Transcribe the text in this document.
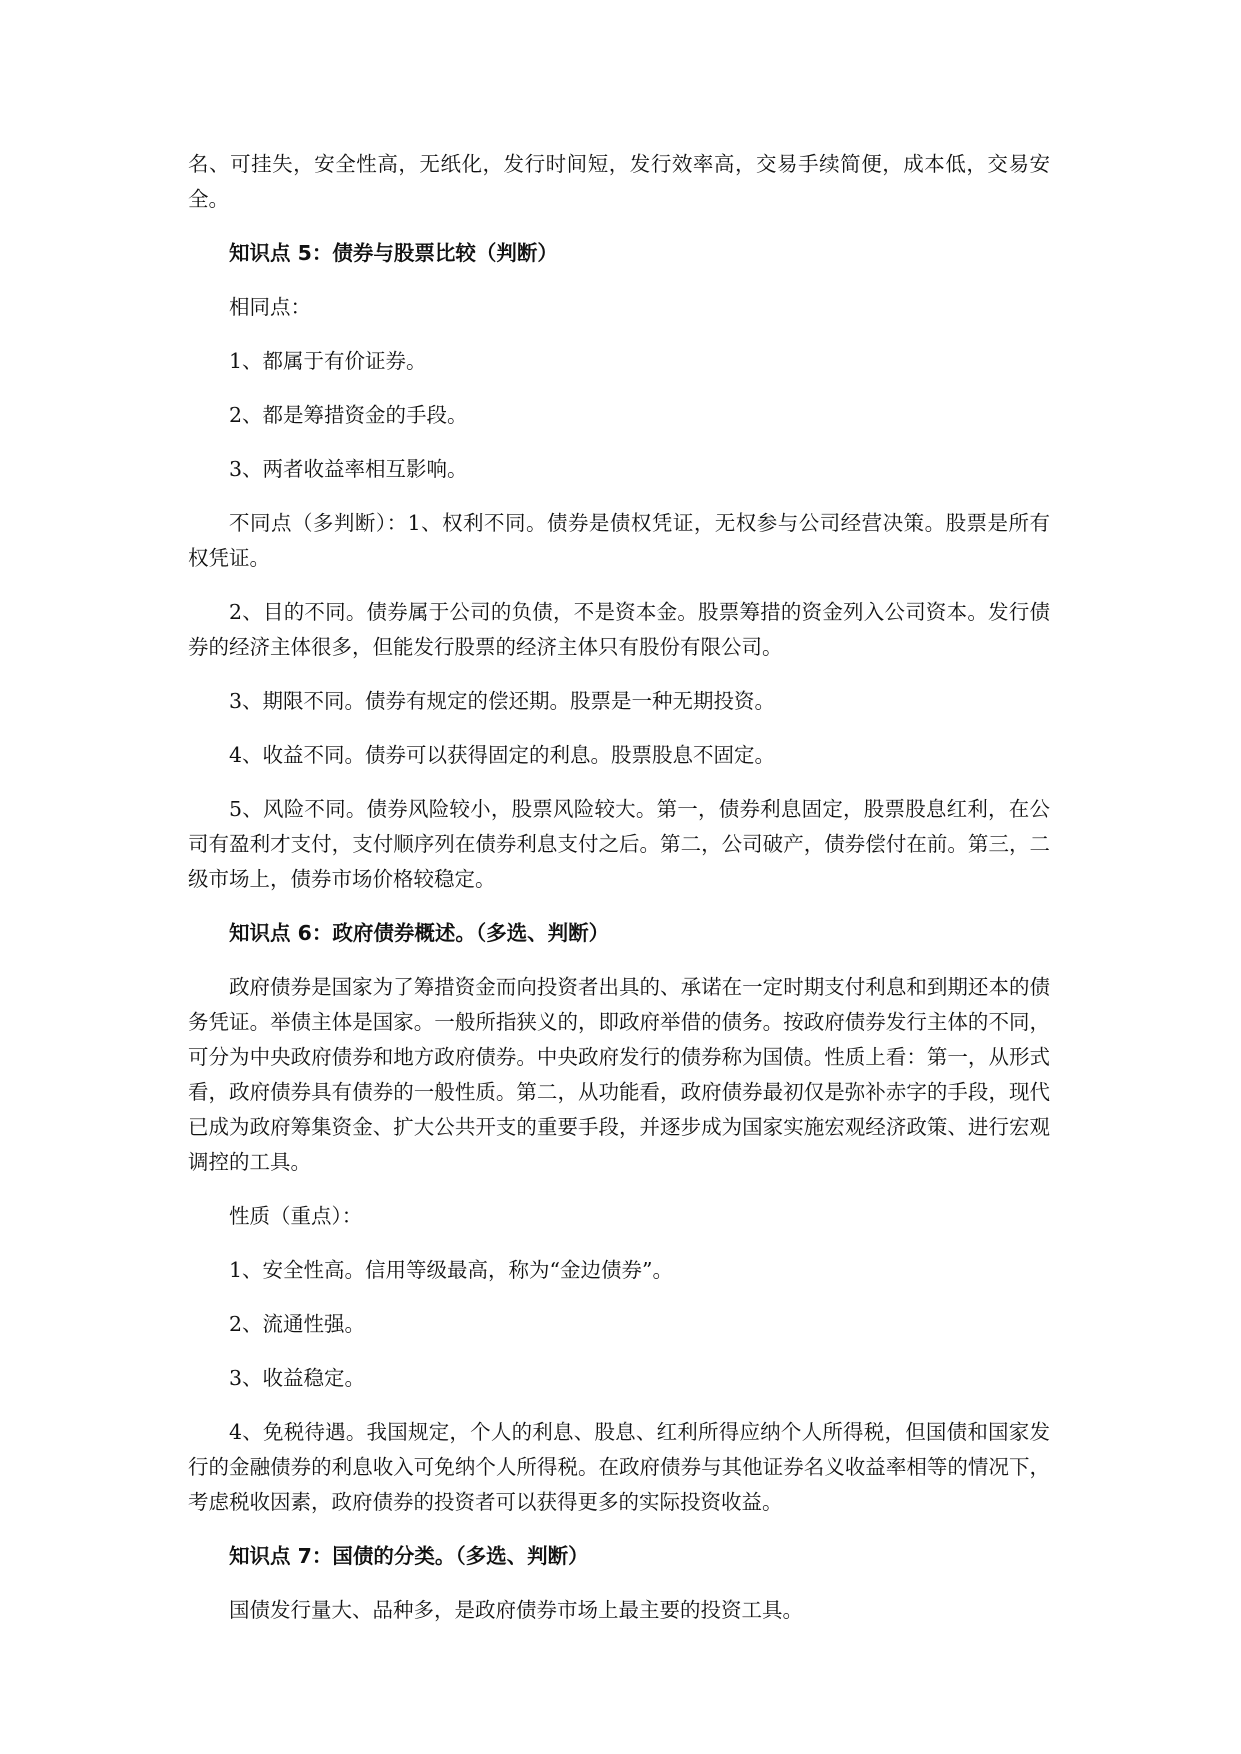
名、可挂失，安全性高，无纸化，发行时间短，发行效率高，交易手续简便，成本低，交易安全。

知识点 5：债券与股票比较（判断）

相同点：

1、都属于有价证券。

2、都是筹措资金的手段。

3、两者收益率相互影响。

不同点（多判断）：1、权利不同。债券是债权凭证，无权参与公司经营决策。股票是所有权凭证。

2、目的不同。债券属于公司的负债，不是资本金。股票筹措的资金列入公司资本。发行债券的经济主体很多，但能发行股票的经济主体只有股份有限公司。

3、期限不同。债券有规定的偿还期。股票是一种无期投资。

4、收益不同。债券可以获得固定的利息。股票股息不固定。

5、风险不同。债券风险较小，股票风险较大。第一，债券利息固定，股票股息红利，在公司有盈利才支付，支付顺序列在债券利息支付之后。第二，公司破产，债券偿付在前。第三，二级市场上，债券市场价格较稳定。

知识点 6：政府债券概述。（多选、判断）

政府债券是国家为了筹措资金而向投资者出具的、承诺在一定时期支付利息和到期还本的债务凭证。举债主体是国家。一般所指狭义的，即政府举借的债务。按政府债券发行主体的不同，可分为中央政府债券和地方政府债券。中央政府发行的债券称为国债。性质上看：第一，从形式看，政府债券具有债券的一般性质。第二，从功能看，政府债券最初仅是弥补赤字的手段，现代已成为政府筹集资金、扩大公共开支的重要手段，并逐步成为国家实施宏观经济政策、进行宏观调控的工具。

性质（重点）：

1、安全性高。信用等级最高，称为“金边债券”。

2、流通性强。

3、收益稳定。

4、免税待遇。我国规定，个人的利息、股息、红利所得应纳个人所得税，但国债和国家发行的金融债券的利息收入可免纳个人所得税。在政府债券与其他证券名义收益率相等的情况下，考虑税收因素，政府债券的投资者可以获得更多的实际投资收益。

知识点 7：国债的分类。（多选、判断）

国债发行量大、品种多，是政府债券市场上最主要的投资工具。
